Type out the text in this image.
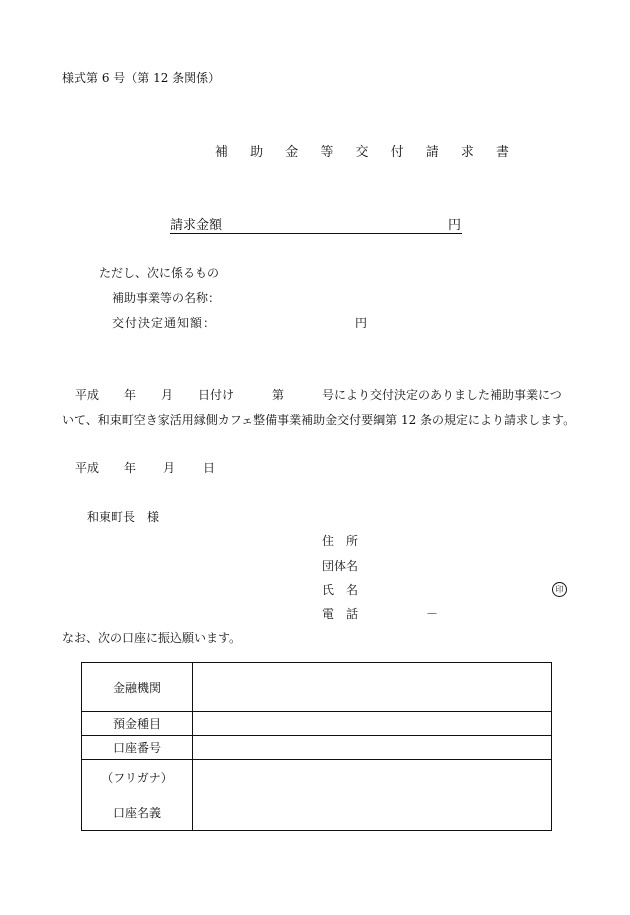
様式第 6 号（第 12 条関係）
補 助 金 等 交 付 請 求 書
請求金額	円
ただし、次に係るもの
補助事業等の名称：
交付決定通知額：	円
平成 年 月 日付け	第	号により交付決定のありました補助事業につ
いて、和束町空き家活用縁側カフェ整備事業補助金交付要綱第 12 条の規定により請求します。
平成 年 月 日
和東町長　様
住　所
団体名
氏　名	印
電　話	－
なお、次の口座に振込願います。
金融機関	
預金種目	
口座番号	

（フリガナ）
口座名義	
